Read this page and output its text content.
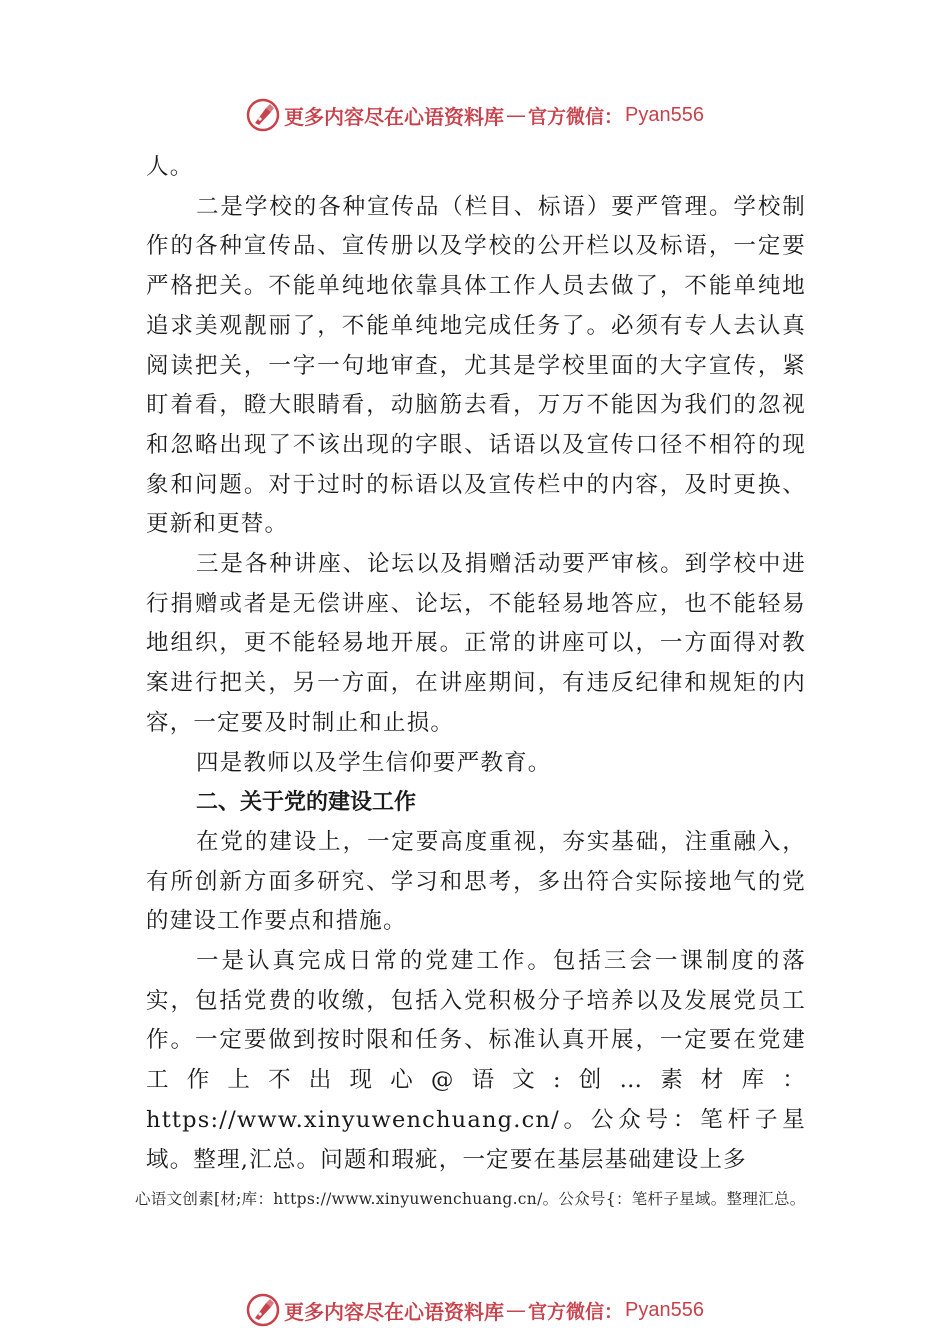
更多内容尽在心语资料库 — 官方微信： Pyan556

人。

二是学校的各种宣传品（栏目、标语）要严管理。学校制作的各种宣传品、宣传册以及学校的公开栏以及标语，一定要严格把关。不能单纯地依靠具体工作人员去做了，不能单纯地追求美观靓丽了，不能单纯地完成任务了。必须有专人去认真阅读把关，一字一句地审查，尤其是学校里面的大字宣传，紧盯着看，瞪大眼睛看，动脑筋去看，万万不能因为我们的忽视和忽略出现了不该出现的字眼、话语以及宣传口径不相符的现象和问题。对于过时的标语以及宣传栏中的内容，及时更换、更新和更替。

三是各种讲座、论坛以及捐赠活动要严审核。到学校中进行捐赠或者是无偿讲座、论坛，不能轻易地答应，也不能轻易地组织，更不能轻易地开展。正常的讲座可以，一方面得对教案进行把关，另一方面，在讲座期间，有违反纪律和规矩的内容，一定要及时制止和止损。

四是教师以及学生信仰要严教育。

二、关于党的建设工作

在党的建设上，一定要高度重视，夯实基础，注重融入，有所创新方面多研究、学习和思考，多出符合实际接地气的党的建设工作要点和措施。

一是认真完成日常的党建工作。包括三会一课制度的落实，包括党费的收缴，包括入党积极分子培养以及发展党员工作。一定要做到按时限和任务、标准认真开展，一定要在党建工作上不出现心@语文:创…素材库：https://www.xinyuwenchuang.cn/。公众号：笔杆子星域。整理,汇总。问题和瑕疵，一定要在基层基础建设上多

心语文创素[材;库：https://www.xinyuwenchuang.cn/。公众号{：笔杆子星域。整理汇总。
更多内容尽在心语资料库 — 官方微信： Pyan556
